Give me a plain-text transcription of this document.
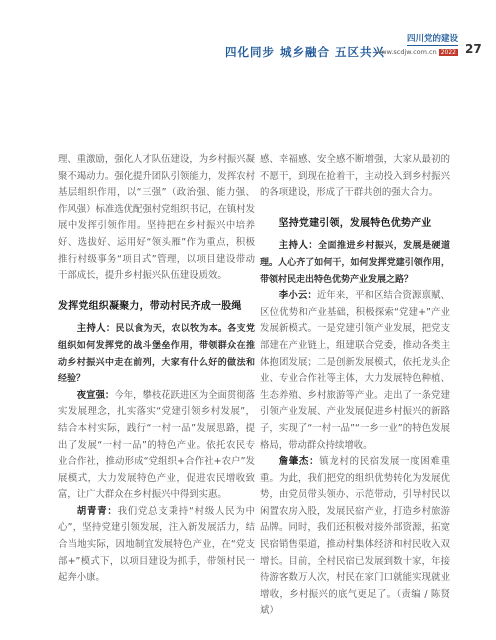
四化同步 城乡融合 五区共兴
四川党的建设
www.scdjw.com.cn 2022 27

理、重激励，强化人才队伍建设，为乡村振兴凝聚不竭动力。强化提升团队引领能力，发挥农村基层组织作用，以“三强”（政治强、能力强、作风强）标准选优配强村党组织书记，在镇村发展中发挥引领作用。坚持把在乡村振兴中培养好、选拔好、运用好“领头雁”作为重点，积极推行村级事务“项目式”管理，以项目建设带动干部成长，提升乡村振兴队伍建设质效。

发挥党组织凝聚力，带动村民齐成一股绳

主持人：民以食为天，农以牧为本。各支党组织如何发挥党的战斗堡垒作用，带领群众在推动乡村振兴中走在前列，大家有什么好的做法和经验？

夜宣强：今年，攀枝花跃进区为全面贯彻落实发展理念，扎实落实“党建引领乡村发展”，结合本村实际，践行“一村一品”发展思路，提出了发展“一村一品”的特色产业。依托农民专业合作社，推动形成“党组织+合作社+农户”发展模式，大力发展特色产业，促进农民增收致富，让广大群众在乡村振兴中得到实惠。

胡青青：我们党总支秉持“村级人民为中心”，坚持党建引领发展，注入新发展活力，结合当地实际，因地制宜发展特色产业，在“党支部+”模式下，以项目建设为抓手，带领村民一起奔小康。

感、幸福感、安全感不断增强，大家从最初的不愿干，到现在抢着干，主动投入到乡村振兴的各项建设，形成了干群共创的强大合力。

坚持党建引领，发展特色优势产业

主持人：全面推进乡村振兴，发展是硬道理。人心齐了如何干，如何发挥党建引领作用，带领村民走出特色优势产业发展之路？

李小云：近年来，平和区结合资源禀赋、区位优势和产业基础，积极探索“党建+”产业发展新模式。一是党建引领产业发展，把党支部建在产业链上，组建联合党委，推动各类主体抱团发展；二是创新发展模式，依托龙头企业、专业合作社等主体，大力发展特色种植、生态养殖、乡村旅游等产业。走出了一条党建引领产业发展、产业发展促进乡村振兴的新路子，实现了“一村一品”“一乡一业”的特色发展格局，带动群众持续增收。

詹肇杰：镇龙村的民宿发展一度困难重重。为此，我们把党的组织优势转化为发展优势，由党员带头领办、示范带动，引导村民以闲置农房入股，发展民宿产业，打造乡村旅游品牌。同时，我们还积极对接外部资源，拓宽民宿销售渠道，推动村集体经济和村民收入双增长。目前，全村民宿已发展到数十家，年接待游客数万人次，村民在家门口就能实现就业增收，乡村振兴的底气更足了。（责编 / 陈贤斌）
